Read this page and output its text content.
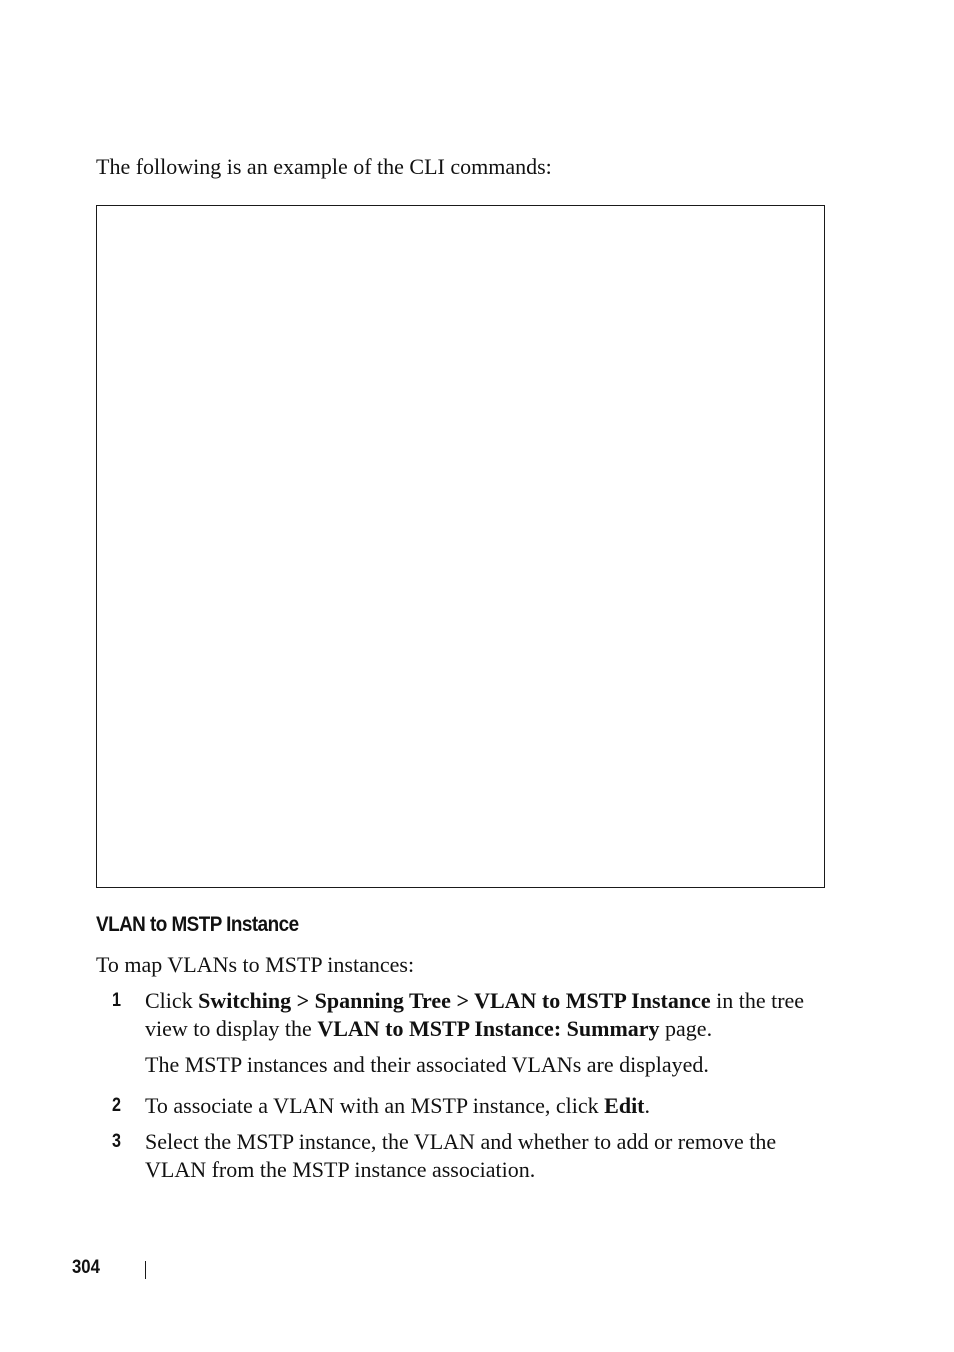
The following is an example of the CLI commands:
VLAN to MSTP Instance
To map VLANs to MSTP instances:
1 Click Switching > Spanning Tree > VLAN to MSTP Instance in the tree view to display the VLAN to MSTP Instance: Summary page.
The MSTP instances and their associated VLANs are displayed.
2 To associate a VLAN with an MSTP instance, click Edit.
3 Select the MSTP instance, the VLAN and whether to add or remove the VLAN from the MSTP instance association.
304
